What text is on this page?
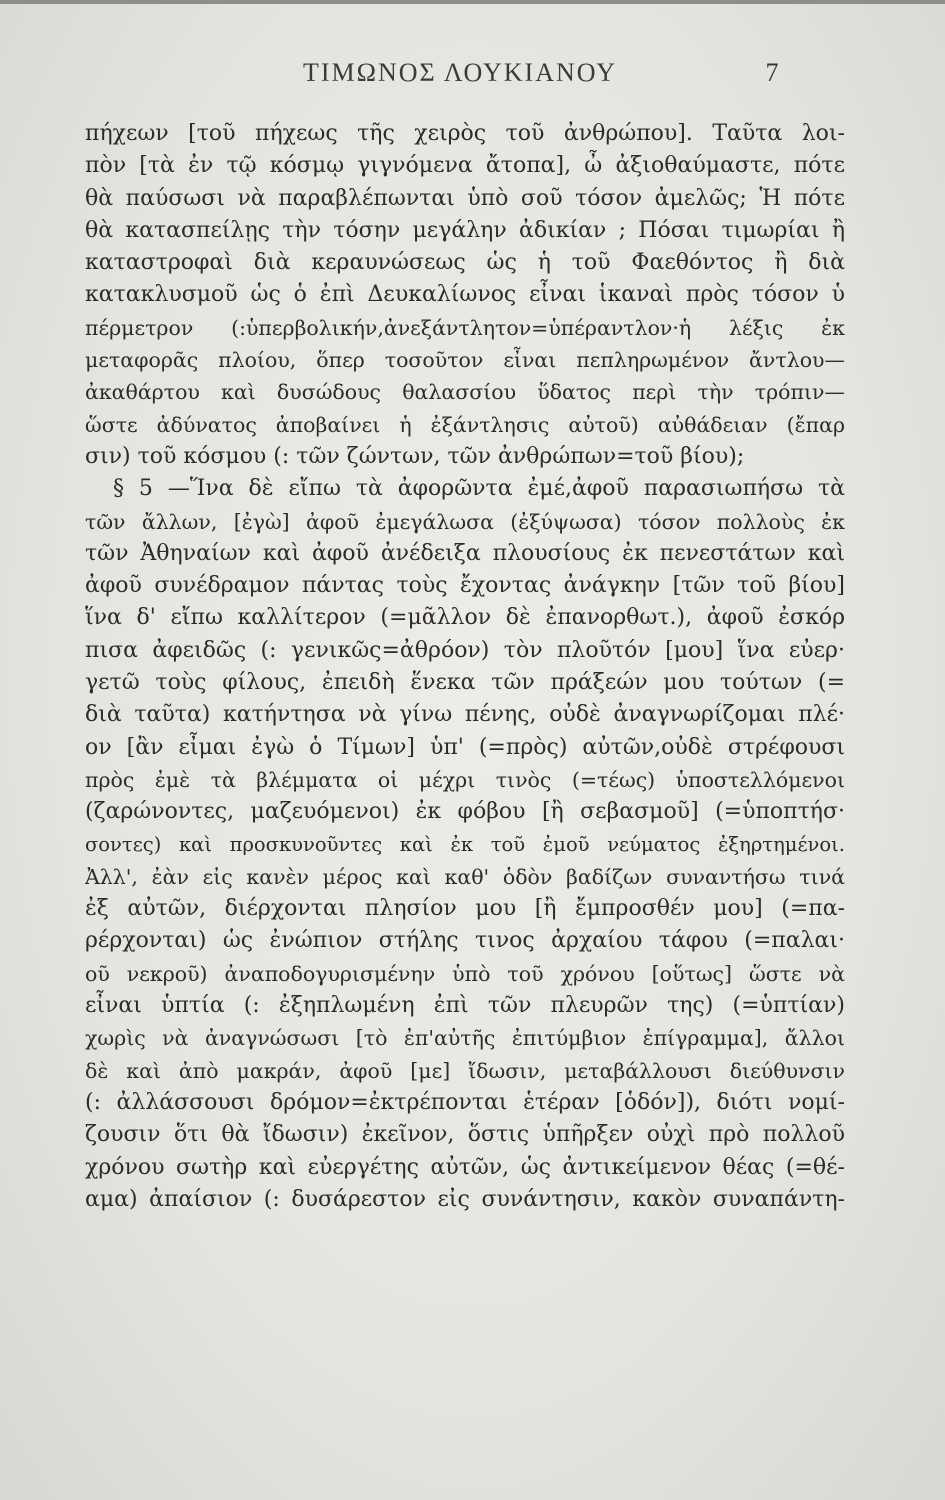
ΤΙΜΩΝΟΣ ΛΟΥΚΙΑΝΟΥ	7
πήχεων [τοῦ πήχεως τῆς χειρὸς τοῦ ἀνθρώπου]. Ταῦτα λοι-
πὸν [τὰ ἐν τῷ κόσμῳ γιγνόμενα ἄτοπα], ὦ ἀξιοθαύμαστε, πότε
θὰ παύσωσι νὰ παραβλέπωνται ὑπὸ σοῦ τόσον ἀμελῶς; Ἡ πότε
θὰ κατασπείλῃς τὴν τόσην μεγάλην ἀδικίαν ; Πόσαι τιμωρίαι ἢ
καταστροφαὶ διὰ κεραυνώσεως ὡς ἡ τοῦ Φαεθόντος ἢ διὰ
κατακλυσμοῦ ὡς ὁ ἐπὶ Δευκαλίωνος εἶναι ἱκαναὶ πρὸς τόσον ὑ
πέρμετρον (:ὑπερβολικήν,ἀνεξάντλητον=ὑπέραντλον·ἡ λέξις ἐκ
μεταφορᾶς πλοίου, ὅπερ τοσοῦτον εἶναι πεπληρωμένον ἄντλου—
ἀκαθάρτου καὶ δυσώδους θαλασσίου ὕδατος περὶ τὴν τρόπιν—
ὥστε ἀδύνατος ἀποβαίνει ἡ ἐξάντλησις αὐτοῦ) αὐθάδειαν (ἔπαρ
σιν) τοῦ κόσμου (: τῶν ζώντων, τῶν ἀνθρώπων=τοῦ βίου);
§ 5 —Ἵνα δὲ εἴπω τὰ ἀφορῶντα ἐμέ,ἀφοῦ παρασιωπήσω τὰ
τῶν ἄλλων, [ἐγὼ] ἀφοῦ ἐμεγάλωσα (ἐξύψωσα) τόσον πολλοὺς ἐκ
τῶν Ἀθηναίων καὶ ἀφοῦ ἀνέδειξα πλουσίους ἐκ πενεστάτων καὶ
ἀφοῦ συνέδραμον πάντας τοὺς ἔχοντας ἀνάγκην [τῶν τοῦ βίου]
ἵνα δ' εἴπω καλλίτερον (=μᾶλλον δὲ ἐπανορθωτ.), ἀφοῦ ἐσκόρ
πισα ἀφειδῶς (: γενικῶς=ἀθρόον) τὸν πλοῦτόν [μου] ἵνα εὐερ·
γετῶ τοὺς φίλους, ἐπειδὴ ἕνεκα τῶν πράξεών μου τούτων (=
διὰ ταῦτα) κατήντησα νὰ γίνω πένης, οὐδὲ ἀναγνωρίζομαι πλέ·
ον [ἂν εἶμαι ἐγὼ ὁ Τίμων] ὑπ' (=πρὸς) αὐτῶν,οὐδὲ στρέφουσι
πρὸς ἐμὲ τὰ βλέμματα οἱ μέχρι τινὸς (=τέως) ὑποστελλόμενοι
(ζαρώνοντες, μαζευόμενοι) ἐκ φόβου [ἢ σεβασμοῦ] (=ὑποπτήσ·
σοντες) καὶ προσκυνοῦντες καὶ ἐκ τοῦ ἐμοῦ νεύματος ἐξηρτημένοι.
Ἀλλ', ἐὰν εἰς κανὲν μέρος καὶ καθ' ὁδὸν βαδίζων συναντήσω τινά
ἐξ αὐτῶν, διέρχονται πλησίον μου [ἢ ἔμπροσθέν μου] (=πα-
ρέρχονται) ὡς ἐνώπιον στήλης τινος ἀρχαίου τάφου (=παλαι·
οῦ νεκροῦ) ἀναποδογυρισμένην ὑπὸ τοῦ χρόνου [οὕτως] ὥστε νὰ
εἶναι ὑπτία (: ἐξηπλωμένη ἐπὶ τῶν πλευρῶν της) (=ὑπτίαν)
χωρὶς νὰ ἀναγνώσωσι [τὸ ἐπ'αὐτῆς ἐπιτύμβιον ἐπίγραμμα], ἄλλοι
δὲ καὶ ἀπὸ μακράν, ἀφοῦ [με] ἴδωσιν, μεταβάλλουσι διεύθυνσιν
(: ἀλλάσσουσι δρόμον=ἐκτρέπονται ἑτέραν [ὁδόν]), διότι νομί-
ζουσιν ὅτι θὰ ἴδωσιν) ἐκεῖνον, ὅστις ὑπῆρξεν οὐχὶ πρὸ πολλοῦ
χρόνου σωτὴρ καὶ εὐεργέτης αὐτῶν, ὡς ἀντικείμενον θέας (=θέ-
αμα) ἀπαίσιον (: δυσάρεστον εἰς συνάντησιν, κακὸν συναπάντη-
